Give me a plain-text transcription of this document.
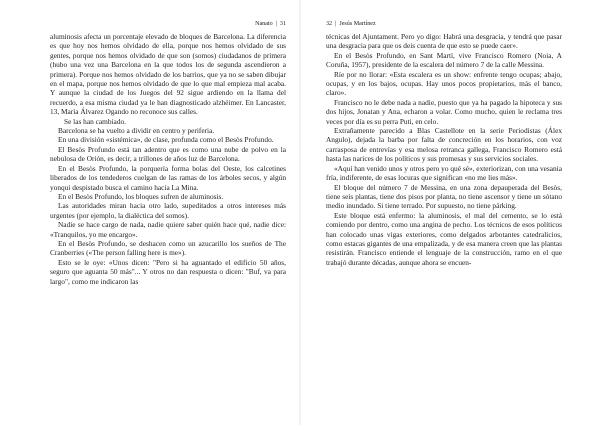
Nanato | 31

aluminosis afecta un porcentaje elevado de bloques de Barcelona. La diferencia es que hoy nos hemos olvidado de ella, porque nos hemos olvidado de sus gentes, porque nos hemos olvidado de que son (somos) ciudadanos de primera (hubo una vez una Barcelona en la que todos los de segunda ascendieron a primera). Porque nos hemos olvidado de los barrios, que ya no se saben dibujar en el mapa, porque nos hemos olvidado de que lo que mal empieza mal acaba. Y aunque la ciudad de los Juegos del 92 sigue ardiendo en la llama del recuerdo, a esa misma ciudad ya le han diagnosticado alzhéimer. En Lancaster, 13, María Álvarez Ogando no reconoce sus calles.

Se las han cambiado.

Barcelona se ha vuelto a dividir en centro y periferia.

En una división «sistémica», de clase, profunda como el Besòs Profundo.

El Besòs Profundo está tan adentro que es como una nube de polvo en la nebulosa de Orión, es decir, a trillones de años luz de Barcelona.

En el Besòs Profundo, la porquería forma bolas del Oeste, los calcetines liberados de los tendederos cuelgan de las ramas de los árboles secos, y algún yonqui despistado busca el camino hacia La Mina.

En el Besòs Profundo, los bloques sufren de aluminosis.

Las autoridades miran hacia otro lado, supeditados a otros intereses más urgentes (por ejemplo, la dialéctica del somos).

Nadie se hace cargo de nada, nadie quiere saber quién hace qué, nadie dice: «Tranquilos, yo me encargo».

En el Besòs Profundo, se deshacen como un azucarillo los sueños de The Cranberries («The person falling here is me»).

Esto se le oye: «Unos dicen: "Pero si ha aguantado el edificio 50 años, seguro que aguanta 50 más"... Y otros no dan respuesta o dicen: "Buf, va para largo", como me indicaron las

32 | Jesús Martínez

técnicas del Ajuntament. Pero yo digo: Habrá una desgracia, y tendrá que pasar una desgracia para que os deis cuenta de que esto se puede caer».

En el Besòs Profundo, en Sant Martí, vive Francisco Romero (Noia, A Coruña, 1957), presidente de la escalera del número 7 de la calle Messina.

Ríe por no llorar: «Esta escalera es un show: enfrente tengo ocupas; abajo, ocupas, y en los bajos, ocupas. Hay unos pocos propietarios, más el banco, claro».

Francisco no le debe nada a nadie, puesto que ya ha pagado la hipoteca y sus dos hijos, Jonatan y Ana, echaron a volar. Como mucho, quien le reclama tres veces por día es su perra Puti, en celo.

Extrañamente parecido a Blas Castellote en la serie Periodistas (Álex Angulo), dejada la barba por falta de concreción en los horarios, con voz carrasposa de entrevías y esa melosa retranca gallega, Francisco Romero está hasta las narices de los políticos y sus promesas y sus servicios sociales.

«Aquí han venido unos y otros pero yo qué sé», exteriorizan, con una vesania fría, indiferente, de esas locuras que significan «no me lies más».

El bloque del número 7 de Messina, en una zona depauperada del Besòs, tiene seis plantas, tiene dos pisos por planta, no tiene ascensor y tiene un sótano medio inundado. Si tiene terrado. Por supuesto, no tiene párking.

Este bloque está enfermo: la aluminosis, el mal del cemento, se lo está comiendo por dentro, como una angina de pecho. Los técnicos de esos políticos han colocado unas vigas exteriores, como delgados arbotantes catedralicios, como estacas gigantes de una empalizada, y de esa manera creen que las plantas resistirán. Francisco entiende el lenguaje de la construcción, ramo en el que trabajó durante décadas, aunque ahora se encuen-
